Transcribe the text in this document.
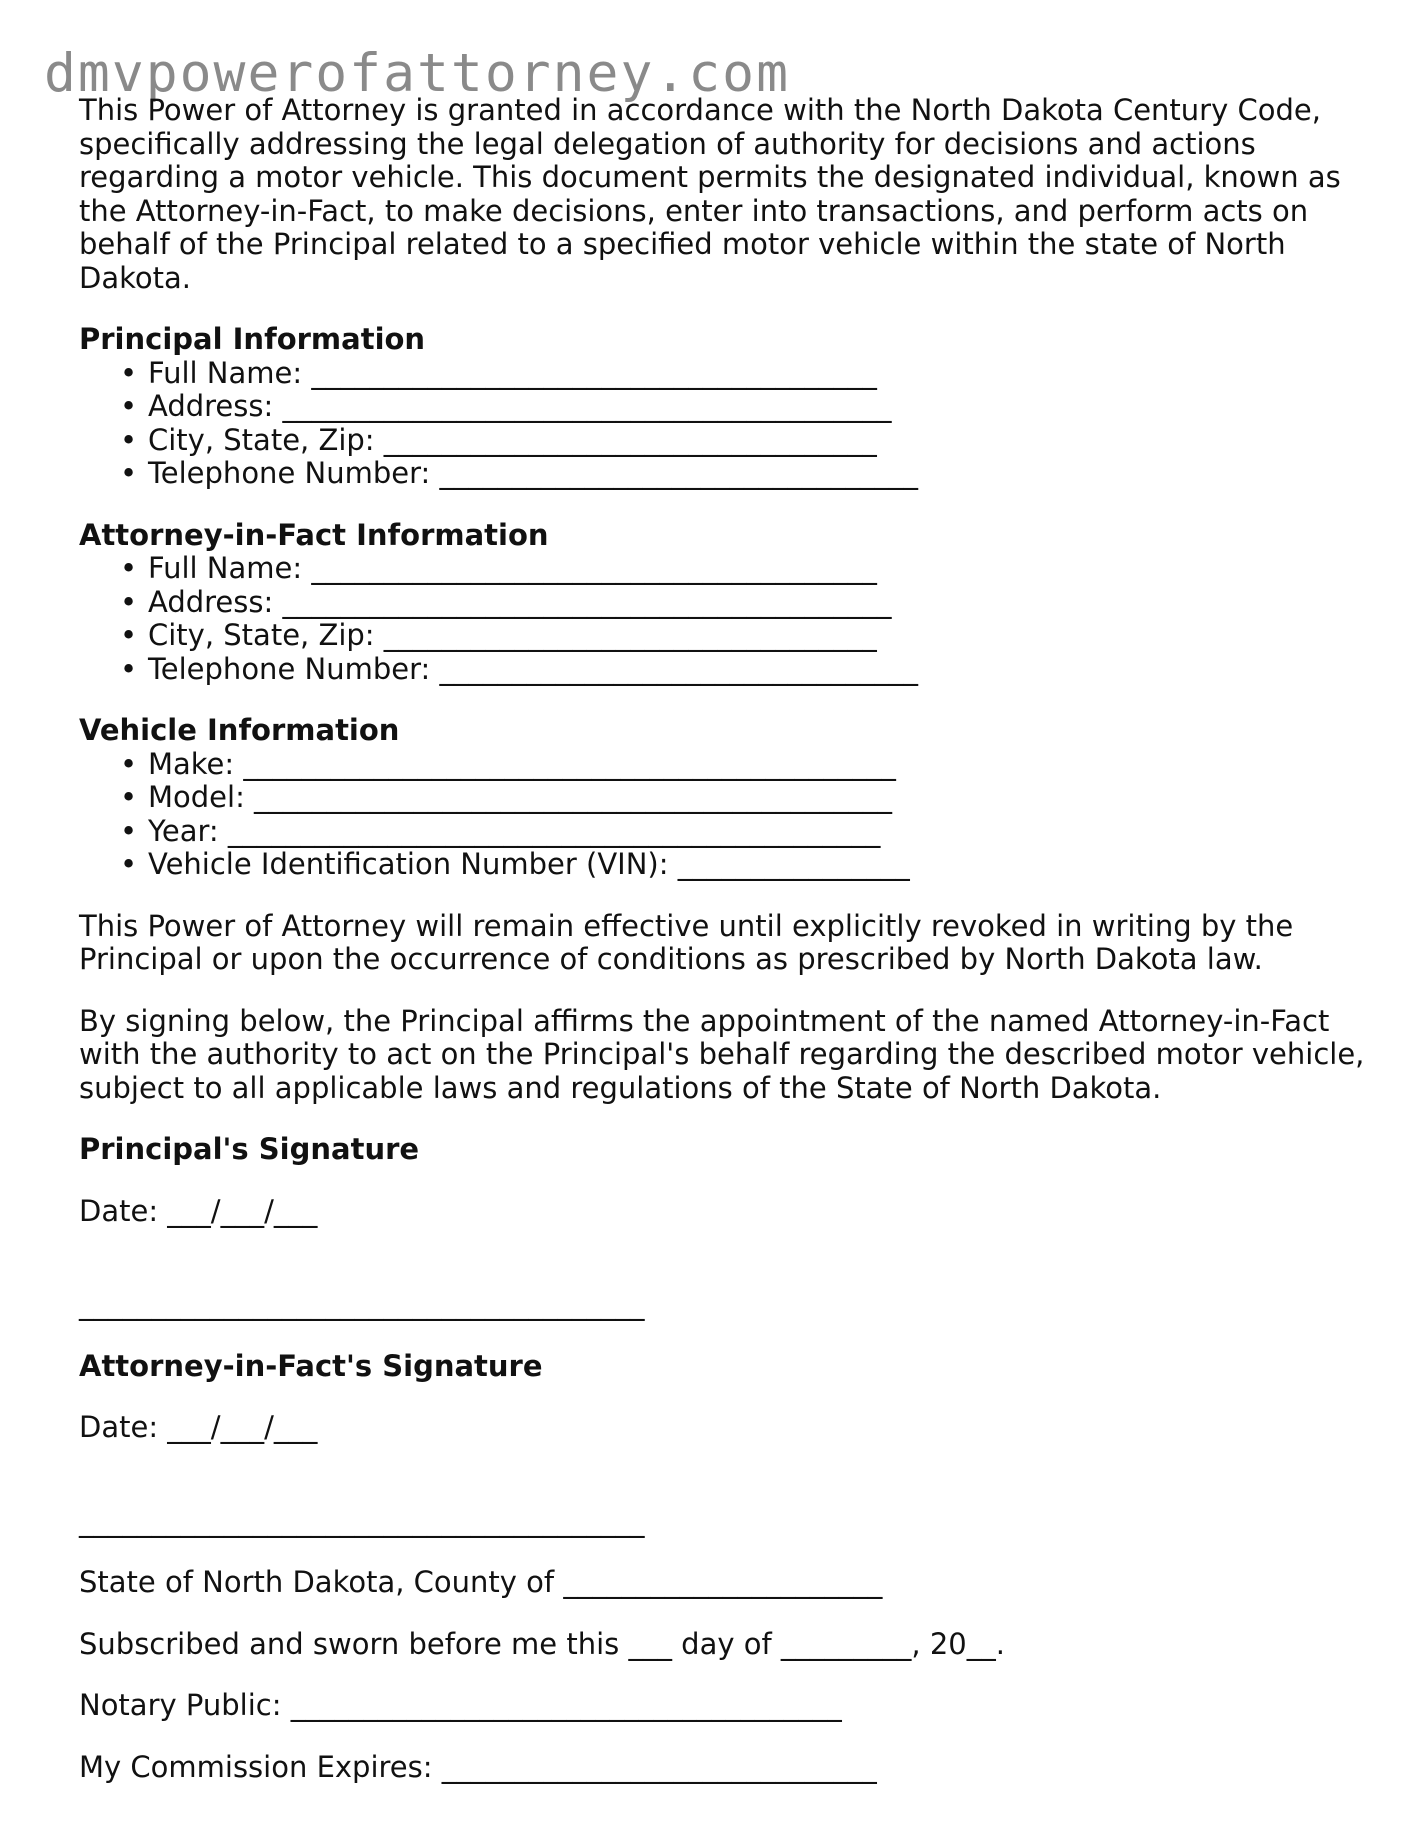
dmvpowerofattorney.com

This Power of Attorney is granted in accordance with the North Dakota Century Code, specifically addressing the legal delegation of authority for decisions and actions regarding a motor vehicle. This document permits the designated individual, known as the Attorney-in-Fact, to make decisions, enter into transactions, and perform acts on behalf of the Principal related to a specified motor vehicle within the state of North Dakota.

Principal Information
• Full Name: _______________________________________
• Address: __________________________________________
• City, State, Zip: __________________________________
• Telephone Number: _________________________________
Attorney-in-Fact Information
• Full Name: _______________________________________
• Address: __________________________________________
• City, State, Zip: __________________________________
• Telephone Number: _________________________________
Vehicle Information
• Make: _____________________________________________
• Model: ____________________________________________
• Year: _____________________________________________
• Vehicle Identification Number (VIN): ________________

This Power of Attorney will remain effective until explicitly revoked in writing by the Principal or upon the occurrence of conditions as prescribed by North Dakota law.

By signing below, the Principal affirms the appointment of the named Attorney-in-Fact with the authority to act on the Principal's behalf regarding the described motor vehicle, subject to all applicable laws and regulations of the State of North Dakota.

Principal's Signature

Date: ___/___/___

_______________________________________

Attorney-in-Fact's Signature

Date: ___/___/___

_______________________________________

State of North Dakota, County of ______________________

Subscribed and sworn before me this ___ day of _________, 20__.

Notary Public: ______________________________________

My Commission Expires: ______________________________
